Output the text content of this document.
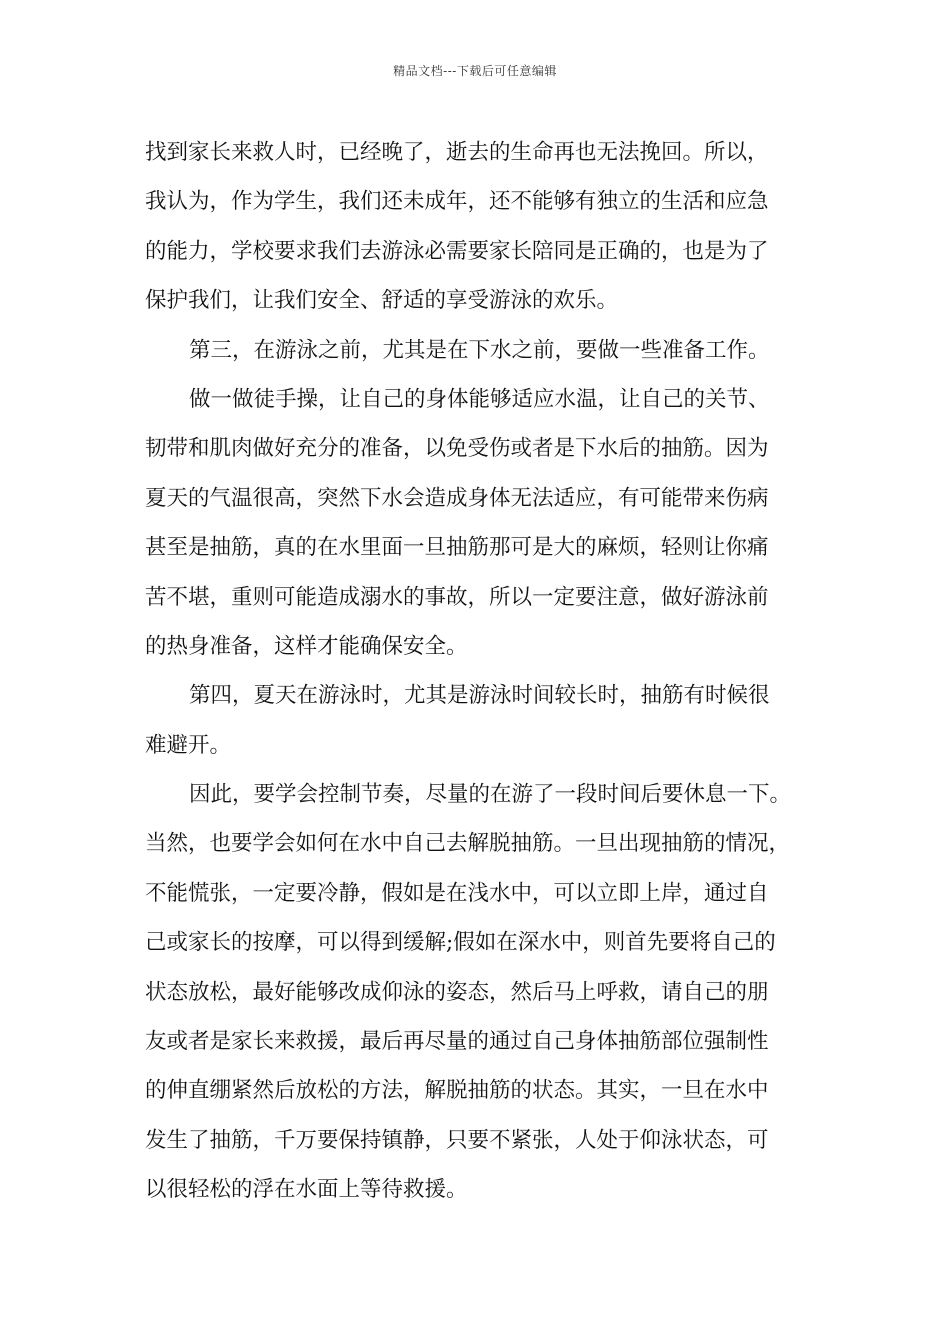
精品文档---下载后可任意编辑
找到家长来救人时，已经晚了，逝去的生命再也无法挽回。所以，
我认为，作为学生，我们还未成年，还不能够有独立的生活和应急
的能力，学校要求我们去游泳必需要家长陪同是正确的，也是为了
保护我们，让我们安全、舒适的享受游泳的欢乐。
第三，在游泳之前，尤其是在下水之前，要做一些准备工作。
做一做徒手操，让自己的身体能够适应水温，让自己的关节、
韧带和肌肉做好充分的准备，以免受伤或者是下水后的抽筋。因为
夏天的气温很高，突然下水会造成身体无法适应，有可能带来伤病
甚至是抽筋，真的在水里面一旦抽筋那可是大的麻烦，轻则让你痛
苦不堪，重则可能造成溺水的事故，所以一定要注意，做好游泳前
的热身准备，这样才能确保安全。
第四，夏天在游泳时，尤其是游泳时间较长时，抽筋有时候很
难避开。
因此，要学会控制节奏，尽量的在游了一段时间后要休息一下。
当然，也要学会如何在水中自己去解脱抽筋。一旦出现抽筋的情况，
不能慌张，一定要冷静，假如是在浅水中，可以立即上岸，通过自
己或家长的按摩，可以得到缓解;假如在深水中，则首先要将自己的
状态放松，最好能够改成仰泳的姿态，然后马上呼救，请自己的朋
友或者是家长来救援，最后再尽量的通过自己身体抽筋部位强制性
的伸直绷紧然后放松的方法，解脱抽筋的状态。其实，一旦在水中
发生了抽筋，千万要保持镇静，只要不紧张，人处于仰泳状态，可
以很轻松的浮在水面上等待救援。
